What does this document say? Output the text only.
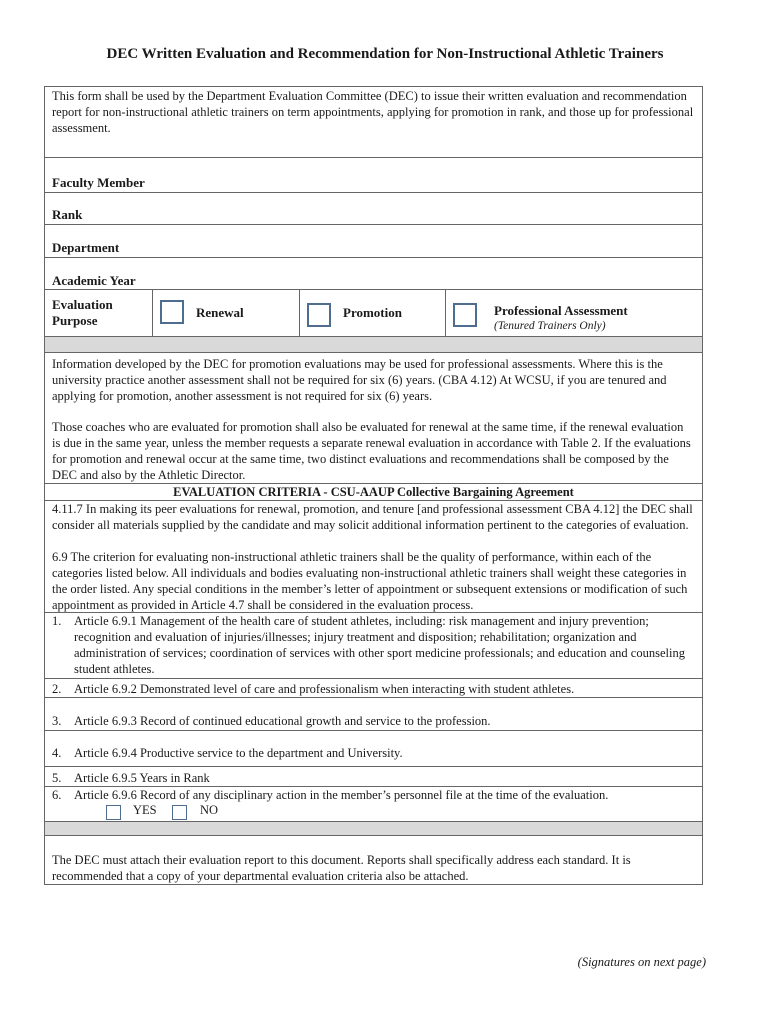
DEC Written Evaluation and Recommendation for Non-Instructional Athletic Trainers
This form shall be used by the Department Evaluation Committee (DEC) to issue their written evaluation and recommendation report for non-instructional athletic trainers on term appointments, applying for promotion in rank, and those up for professional assessment.
Faculty Member
Rank
Department
Academic Year
Evaluation
Purpose
Renewal	Promotion	Professional Assessment
(Tenured Trainers Only)
Information developed by the DEC for promotion evaluations may be used for professional assessments. Where this is the university practice another assessment shall not be required for six (6) years. (CBA 4.12) At WCSU, if you are tenured and applying for promotion, another assessment is not required for six (6) years.
Those coaches who are evaluated for promotion shall also be evaluated for renewal at the same time, if the renewal evaluation is due in the same year, unless the member requests a separate renewal evaluation in accordance with Table 2. If the evaluations for promotion and renewal occur at the same time, two distinct evaluations and recommendations shall be composed by the DEC and also by the Athletic Director.
EVALUATION CRITERIA - CSU-AAUP Collective Bargaining Agreement
4.11.7 In making its peer evaluations for renewal, promotion, and tenure [and professional assessment CBA 4.12] the DEC shall consider all materials supplied by the candidate and may solicit additional information pertinent to the categories of evaluation.
6.9 The criterion for evaluating non-instructional athletic trainers shall be the quality of performance, within each of the categories listed below. All individuals and bodies evaluating non-instructional athletic trainers shall weight these categories in the order listed. Any special conditions in the member’s letter of appointment or subsequent extensions or modification of such appointment as provided in Article 4.7 shall be considered in the evaluation process.
1. Article 6.9.1 Management of the health care of student athletes, including: risk management and injury prevention; recognition and evaluation of injuries/illnesses; injury treatment and disposition; rehabilitation; organization and administration of services; coordination of services with other sport medicine professionals; and education and counseling student athletes.
2. Article 6.9.2 Demonstrated level of care and professionalism when interacting with student athletes.
3. Article 6.9.3 Record of continued educational growth and service to the profession.
4. Article 6.9.4 Productive service to the department and University.
5. Article 6.9.5 Years in Rank
6. Article 6.9.6 Record of any disciplinary action in the member’s personnel file at the time of the evaluation.
YES	NO
The DEC must attach their evaluation report to this document. Reports shall specifically address each standard. It is recommended that a copy of your departmental evaluation criteria also be attached.
(Signatures on next page)
